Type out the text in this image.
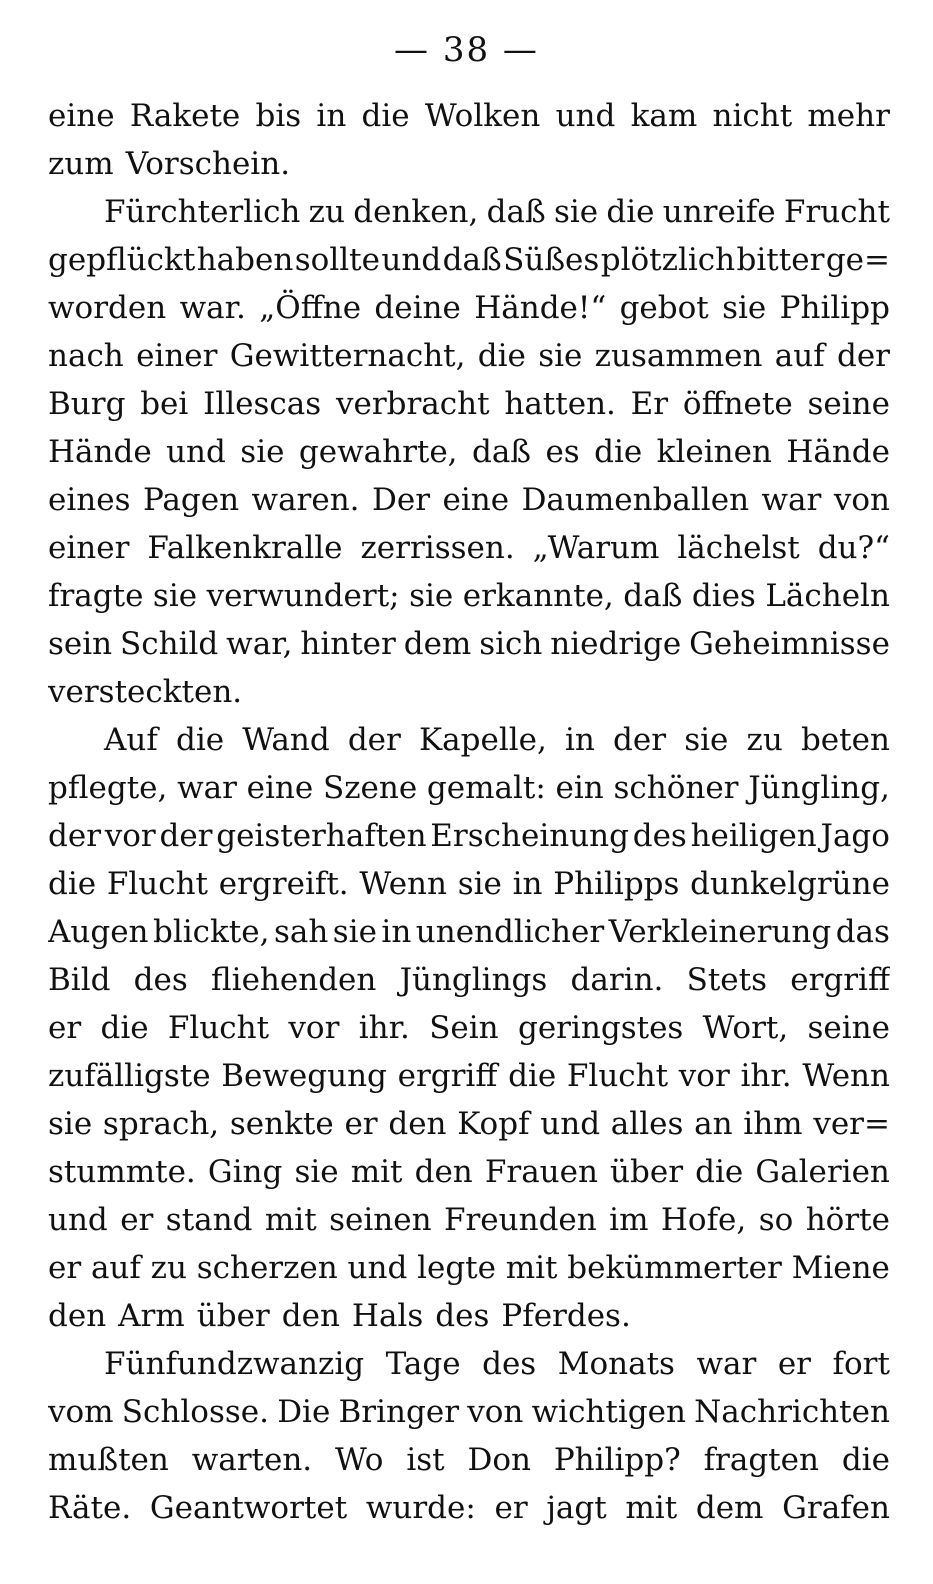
— 38 —
eine Rakete bis in die Wolken und kam nicht mehr
zum Vorschein.
Fürchterlich zu denken, daß sie die unreife Frucht
gepflückt haben sollte und daß Süßes plötzlich bitter ge=
worden war. „Öffne deine Hände!“ gebot sie Philipp
nach einer Gewitternacht, die sie zusammen auf der
Burg bei Illescas verbracht hatten. Er öffnete seine
Hände und sie gewahrte, daß es die kleinen Hände
eines Pagen waren. Der eine Daumenballen war von
einer Falkenkralle zerrissen. „Warum lächelst du?“
fragte sie verwundert; sie erkannte, daß dies Lächeln
sein Schild war, hinter dem sich niedrige Geheimnisse
versteckten.
Auf die Wand der Kapelle, in der sie zu beten
pflegte, war eine Szene gemalt: ein schöner Jüngling,
der vor der geisterhaften Erscheinung des heiligen Jago
die Flucht ergreift. Wenn sie in Philipps dunkelgrüne
Augen blickte, sah sie in unendlicher Verkleinerung das
Bild des fliehenden Jünglings darin. Stets ergriff
er die Flucht vor ihr. Sein geringstes Wort, seine
zufälligste Bewegung ergriff die Flucht vor ihr. Wenn
sie sprach, senkte er den Kopf und alles an ihm ver=
stummte. Ging sie mit den Frauen über die Galerien
und er stand mit seinen Freunden im Hofe, so hörte
er auf zu scherzen und legte mit bekümmerter Miene
den Arm über den Hals des Pferdes.
Fünfundzwanzig Tage des Monats war er fort
vom Schlosse. Die Bringer von wichtigen Nachrichten
mußten warten. Wo ist Don Philipp? fragten die
Räte. Geantwortet wurde: er jagt mit dem Grafen
